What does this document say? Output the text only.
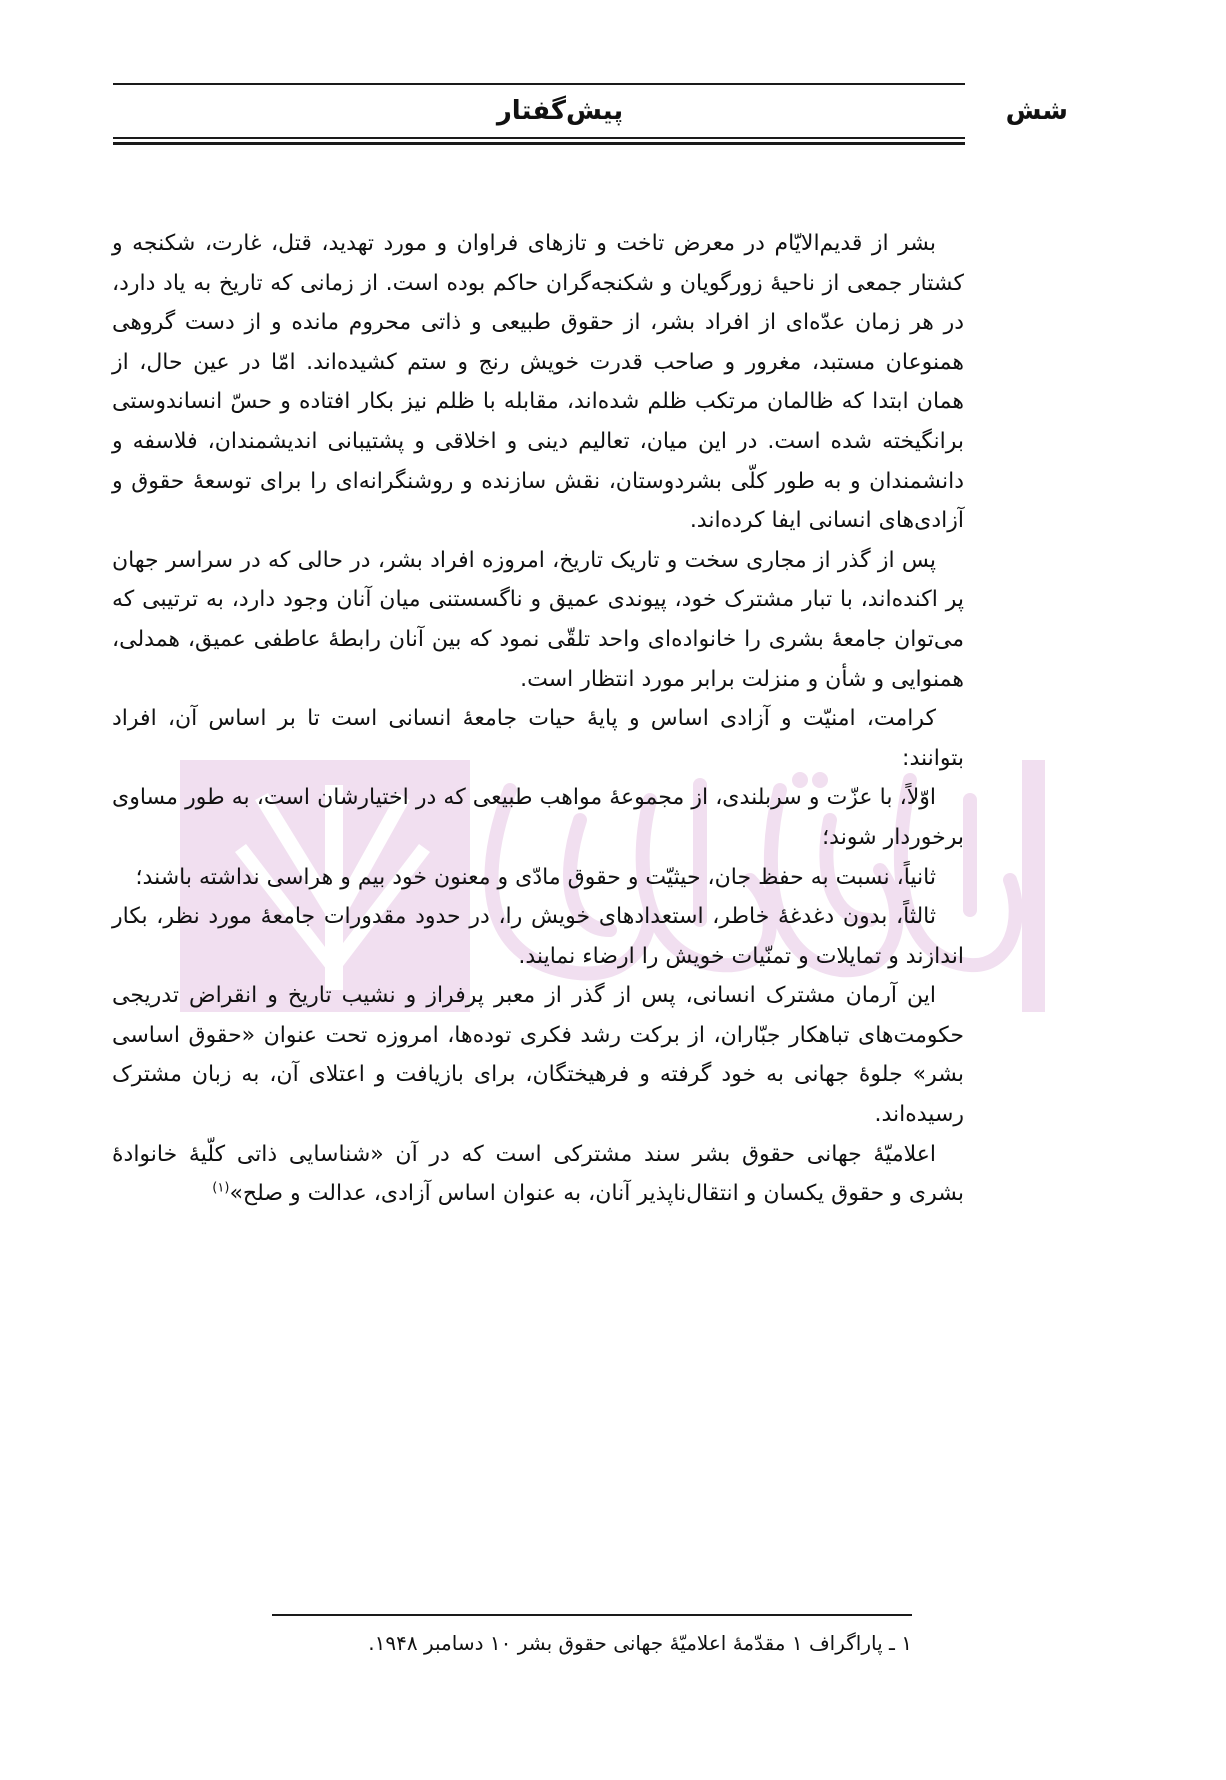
شش
پیش‌گفتار

بشر از قدیم‌الایّام در معرض تاخت و تازهای فراوان و مورد تهدید، قتل، غارت، شکنجه و کشتار جمعی از ناحیهٔ زورگویان و شکنجه‌گران حاکم بوده است. از زمانی که تاریخ به یاد دارد، در هر زمان عدّه‌ای از افراد بشر، از حقوق طبیعی و ذاتی محروم مانده و از دست گروهی همنوعان مستبد، مغرور و صاحب قدرت خویش رنج و ستم کشیده‌اند. امّا در عین حال، از همان ابتدا که ظالمان مرتکب ظلم شده‌اند، مقابله با ظلم نیز بکار افتاده و حسّ انساندوستی برانگیخته شده است. در این میان، تعالیم دینی و اخلاقی و پشتیبانی اندیشمندان، فلاسفه و دانشمندان و به طور کلّی بشردوستان، نقش سازنده و روشنگرانه‌ای را برای توسعهٔ حقوق و آزادی‌های انسانی ایفا کرده‌اند.

پس از گذر از مجاری سخت و تاریک تاریخ، امروزه افراد بشر، در حالی که در سراسر جهان پر اکنده‌اند، با تبار مشترک خود، پیوندی عمیق و ناگسستنی میان آنان وجود دارد، به ترتیبی که می‌توان جامعهٔ بشری را خانواده‌ای واحد تلقّی نمود که بین آنان رابطهٔ عاطفی عمیق، همدلی، همنوایی و شأن و منزلت برابر مورد انتظار است.

کرامت، امنیّت و آزادی اساس و پایهٔ حیات جامعهٔ انسانی است تا بر اساس آن، افراد بتوانند:

اوّلاً، با عزّت و سربلندی، از مجموعهٔ مواهب طبیعی که در اختیارشان است، به طور مساوی برخوردار شوند؛

ثانیاً، نسبت به حفظ جان، حیثیّت و حقوق مادّی و معنون خود بیم و هراسی نداشته باشند؛

ثالثاً، بدون دغدغهٔ خاطر، استعدادهای خویش را، در حدود مقدورات جامعهٔ مورد نظر، بکار اندازند و تمایلات و تمنّیات خویش را ارضاء نمایند.

این آرمان مشترک انسانی، پس از گذر از معبر پرفراز و نشیب تاریخ و انقراض تدریجی حکومت‌های تباهکار جبّاران، از برکت رشد فکری توده‌ها، امروزه تحت عنوان «حقوق اساسی بشر» جلوهٔ جهانی به خود گرفته و فرهیختگان، برای بازیافت و اعتلای آن، به زبان مشترک رسیده‌اند.

اعلامیّهٔ جهانی حقوق بشر سند مشترکی است که در آن «شناسایی ذاتی کلّیهٔ خانوادهٔ بشری و حقوق یکسان و انتقال‌ناپذیر آنان، به عنوان اساس آزادی، عدالت و صلح»$^{(۱)}$

۱ ـ پاراگراف ۱ مقدّمهٔ اعلامیّهٔ جهانی حقوق بشر ۱۰ دسامبر ۱۹۴۸.
